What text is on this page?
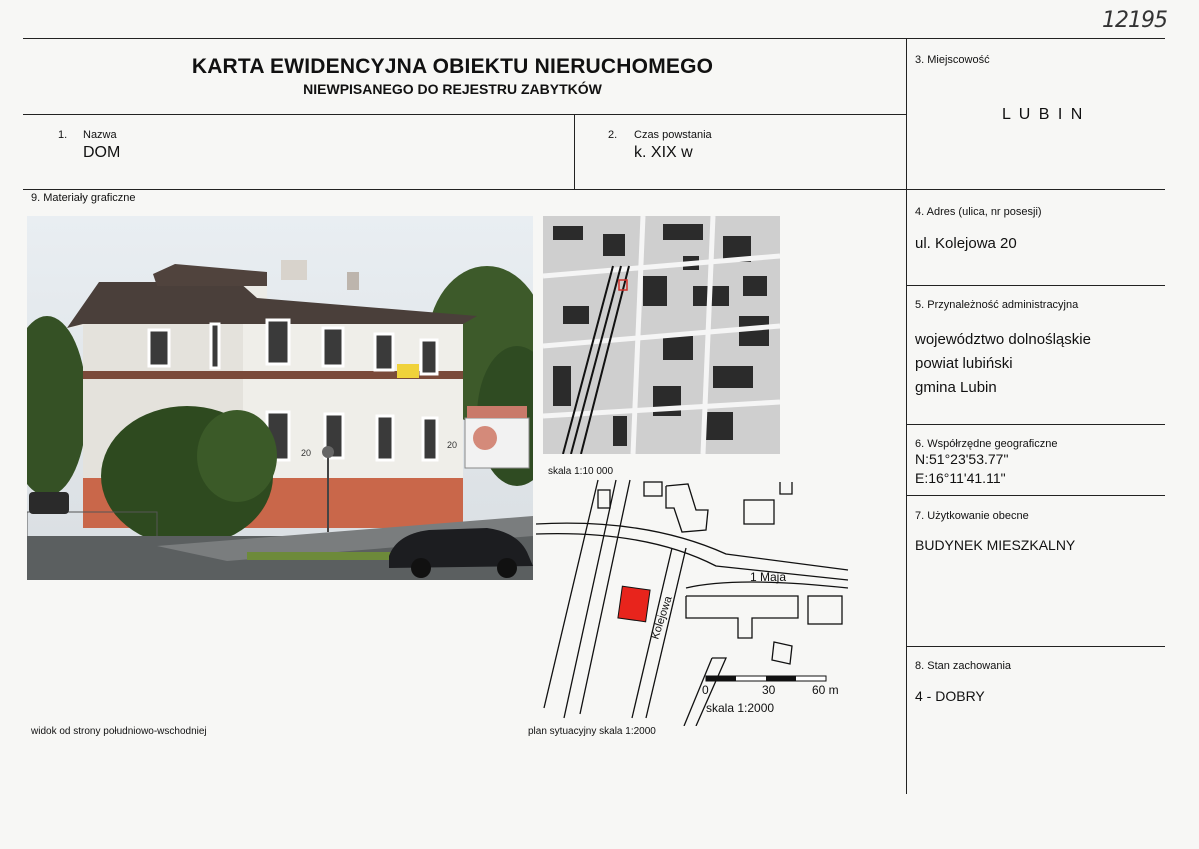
12195
KARTA EWIDENCYJNA OBIEKTU NIERUCHOMEGO
NIEWPISANEGO DO REJESTRU ZABYTKÓW
1. Nazwa
DOM
2. Czas powstania
k. XIX w
3. Miejscowość
L U B I N
9. Materiały graficzne
4. Adres (ulica, nr posesji)
ul. Kolejowa 20
5. Przynależność administracyjna
województwo dolnośląskie
powiat lubiński
gmina Lubin
6. Współrzędne geograficzne
N:51°23'53.77"
E:16°11'41.11"
7. Użytkowanie obecne
BUDYNEK MIESZKALNY
8. Stan zachowania
4 - DOBRY
20
20
widok od strony południowo-wschodniej
skala 1:10 000
1 Maja
Kolejowa
0	30	60 m
skala 1:2000
plan sytuacyjny skala 1:2000
